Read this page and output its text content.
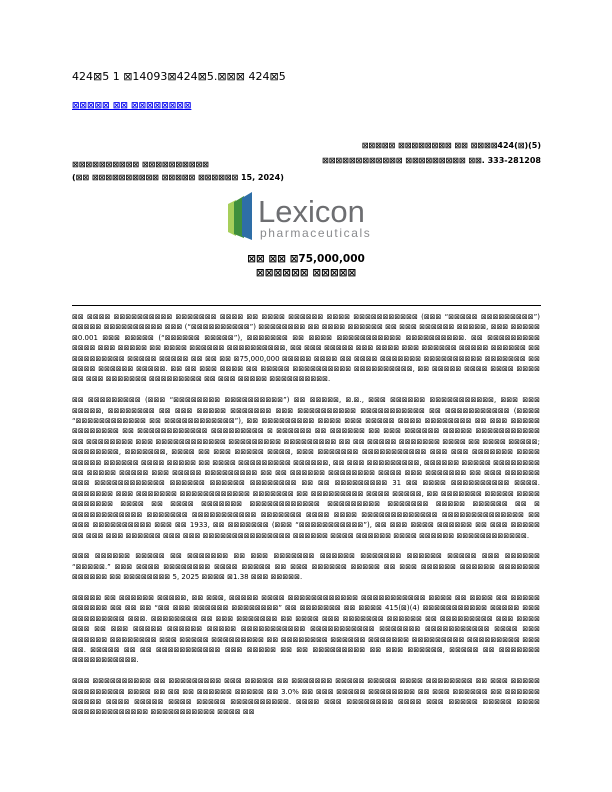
424⊠5 1 ⊠14093⊠424⊠5.⊠⊠⊠ 424⊠5
⊠⊠⊠⊠⊠ ⊠⊠ ⊠⊠⊠⊠⊠⊠⊠⊠
⊠⊠⊠⊠⊠ ⊠⊠⊠⊠⊠⊠⊠⊠ ⊠⊠ ⊠⊠⊠⊠424(⊠)(5)
⊠⊠⊠⊠⊠⊠⊠⊠⊠⊠⊠⊠ ⊠⊠⊠⊠⊠⊠⊠⊠⊠ ⊠⊠. 333-281208
⊠⊠⊠⊠⊠⊠⊠⊠⊠⊠ ⊠⊠⊠⊠⊠⊠⊠⊠⊠⊠
(⊠⊠ ⊠⊠⊠⊠⊠⊠⊠⊠⊠⊠ ⊠⊠⊠⊠⊠ ⊠⊠⊠⊠⊠⊠ 15, 2024)
Lexicon
pharmaceuticals
⊠⊠ ⊠⊠ ⊠75,000,000
⊠⊠⊠⊠⊠⊠ ⊠⊠⊠⊠⊠

⊠⊠ ⊠⊠⊠⊠ ⊠⊠⊠⊠⊠⊠⊠⊠⊠⊠ ⊠⊠⊠⊠⊠⊠⊠ ⊠⊠⊠⊠ ⊠⊠ ⊠⊠⊠⊠ ⊠⊠⊠⊠⊠⊠ ⊠⊠⊠⊠ ⊠⊠⊠⊠⊠⊠⊠⊠⊠⊠⊠ (⊠⊠⊠ “⊠⊠⊠⊠⊠ ⊠⊠⊠⊠⊠⊠⊠⊠⊠”) ⊠⊠⊠⊠⊠ ⊠⊠⊠⊠⊠⊠⊠⊠⊠⊠ ⊠⊠⊠ (“⊠⊠⊠⊠⊠⊠⊠⊠⊠⊠”) ⊠⊠⊠⊠⊠⊠⊠⊠ ⊠⊠ ⊠⊠⊠⊠ ⊠⊠⊠⊠⊠⊠ ⊠⊠ ⊠⊠⊠ ⊠⊠⊠⊠⊠⊠ ⊠⊠⊠⊠⊠, ⊠⊠⊠ ⊠⊠⊠⊠⊠ ⊠0.001 ⊠⊠⊠ ⊠⊠⊠⊠⊠ (“⊠⊠⊠⊠⊠⊠ ⊠⊠⊠⊠⊠”), ⊠⊠⊠⊠⊠⊠⊠ ⊠⊠ ⊠⊠⊠⊠ ⊠⊠⊠⊠⊠⊠⊠⊠⊠⊠⊠ ⊠⊠⊠⊠⊠⊠⊠⊠⊠⊠. ⊠⊠ ⊠⊠⊠⊠⊠⊠⊠⊠⊠ ⊠⊠⊠⊠ ⊠⊠⊠ ⊠⊠⊠⊠⊠ ⊠⊠ ⊠⊠⊠⊠ ⊠⊠⊠⊠⊠⊠ ⊠⊠⊠⊠⊠⊠⊠⊠⊠⊠, ⊠⊠ ⊠⊠⊠ ⊠⊠⊠⊠⊠ ⊠⊠⊠ ⊠⊠⊠⊠ ⊠⊠⊠ ⊠⊠⊠⊠⊠⊠ ⊠⊠⊠⊠⊠ ⊠⊠⊠⊠⊠⊠ ⊠⊠ ⊠⊠⊠⊠⊠⊠⊠⊠⊠ ⊠⊠⊠⊠⊠ ⊠⊠⊠⊠⊠ ⊠⊠ ⊠⊠ ⊠⊠ ⊠75,000,000 ⊠⊠⊠⊠⊠ ⊠⊠⊠⊠ ⊠⊠ ⊠⊠⊠⊠ ⊠⊠⊠⊠⊠⊠⊠ ⊠⊠⊠⊠⊠⊠⊠⊠⊠⊠ ⊠⊠⊠⊠⊠⊠⊠ ⊠⊠ ⊠⊠⊠⊠ ⊠⊠⊠⊠⊠⊠ ⊠⊠⊠⊠⊠. ⊠⊠ ⊠⊠ ⊠⊠⊠ ⊠⊠⊠⊠ ⊠⊠ ⊠⊠⊠⊠⊠ ⊠⊠⊠⊠⊠⊠⊠⊠⊠⊠ ⊠⊠⊠⊠⊠⊠⊠⊠⊠⊠, ⊠⊠ ⊠⊠⊠⊠⊠ ⊠⊠⊠⊠ ⊠⊠⊠⊠ ⊠⊠⊠⊠ ⊠⊠ ⊠⊠⊠ ⊠⊠⊠⊠⊠⊠⊠ ⊠⊠⊠⊠⊠⊠⊠⊠⊠ ⊠⊠ ⊠⊠⊠ ⊠⊠⊠⊠⊠ ⊠⊠⊠⊠⊠⊠⊠⊠⊠⊠.

⊠⊠ ⊠⊠⊠⊠⊠⊠⊠⊠⊠ (⊠⊠⊠ “⊠⊠⊠⊠⊠⊠⊠⊠ ⊠⊠⊠⊠⊠⊠⊠⊠⊠⊠”) ⊠⊠ ⊠⊠⊠⊠⊠, ⊠.⊠., ⊠⊠⊠ ⊠⊠⊠⊠⊠⊠ ⊠⊠⊠⊠⊠⊠⊠⊠⊠⊠⊠, ⊠⊠⊠ ⊠⊠⊠ ⊠⊠⊠⊠⊠, ⊠⊠⊠⊠⊠⊠⊠⊠ ⊠⊠ ⊠⊠⊠ ⊠⊠⊠⊠⊠ ⊠⊠⊠⊠⊠⊠⊠ ⊠⊠⊠ ⊠⊠⊠⊠⊠⊠⊠⊠⊠⊠ ⊠⊠⊠⊠⊠⊠⊠⊠⊠⊠⊠ ⊠⊠ ⊠⊠⊠⊠⊠⊠⊠⊠⊠⊠⊠ (⊠⊠⊠⊠ “⊠⊠⊠⊠⊠⊠⊠⊠⊠⊠⊠⊠ ⊠⊠ ⊠⊠⊠⊠⊠⊠⊠⊠⊠⊠⊠⊠”), ⊠⊠ ⊠⊠⊠⊠⊠⊠⊠⊠⊠ ⊠⊠⊠⊠ ⊠⊠⊠ ⊠⊠⊠⊠⊠ ⊠⊠⊠⊠ ⊠⊠⊠⊠⊠⊠⊠⊠ ⊠⊠ ⊠⊠⊠ ⊠⊠⊠⊠⊠ ⊠⊠⊠⊠⊠⊠⊠⊠ ⊠⊠ ⊠⊠⊠⊠⊠⊠⊠⊠⊠⊠⊠⊠ ⊠⊠⊠⊠⊠⊠⊠⊠⊠ ⊠ ⊠⊠⊠⊠⊠⊠ ⊠⊠ ⊠⊠⊠⊠⊠⊠ ⊠⊠ ⊠⊠⊠ ⊠⊠⊠⊠⊠⊠ ⊠⊠⊠⊠⊠ ⊠⊠⊠⊠⊠⊠⊠⊠⊠⊠⊠ ⊠⊠ ⊠⊠⊠⊠⊠⊠⊠⊠ ⊠⊠⊠ ⊠⊠⊠⊠⊠⊠⊠⊠⊠⊠⊠⊠ ⊠⊠⊠⊠⊠⊠⊠⊠⊠ ⊠⊠⊠⊠⊠⊠⊠⊠⊠ ⊠⊠ ⊠⊠ ⊠⊠⊠⊠⊠ ⊠⊠⊠⊠⊠⊠⊠ ⊠⊠⊠⊠ ⊠⊠ ⊠⊠⊠⊠ ⊠⊠⊠⊠⊠; ⊠⊠⊠⊠⊠⊠⊠⊠, ⊠⊠⊠⊠⊠⊠⊠, ⊠⊠⊠⊠ ⊠⊠ ⊠⊠⊠ ⊠⊠⊠⊠⊠ ⊠⊠⊠⊠, ⊠⊠⊠ ⊠⊠⊠⊠⊠⊠⊠ ⊠⊠⊠⊠⊠⊠⊠⊠⊠⊠⊠ ⊠⊠⊠ ⊠⊠⊠ ⊠⊠⊠⊠⊠⊠⊠ ⊠⊠⊠⊠ ⊠⊠⊠⊠⊠ ⊠⊠⊠⊠⊠⊠ ⊠⊠⊠⊠ ⊠⊠⊠⊠⊠ ⊠⊠ ⊠⊠⊠⊠ ⊠⊠⊠⊠⊠⊠⊠⊠⊠ ⊠⊠⊠⊠⊠⊠, ⊠⊠ ⊠⊠⊠ ⊠⊠⊠⊠⊠⊠⊠⊠⊠, ⊠⊠⊠⊠⊠⊠ ⊠⊠⊠⊠⊠ ⊠⊠⊠⊠⊠⊠⊠⊠ ⊠⊠ ⊠⊠⊠⊠⊠ ⊠⊠⊠⊠⊠ ⊠⊠⊠ ⊠⊠⊠⊠⊠ ⊠⊠⊠⊠⊠⊠⊠⊠⊠ ⊠⊠ ⊠⊠ ⊠⊠⊠⊠⊠⊠ ⊠⊠⊠⊠⊠⊠⊠⊠ ⊠⊠⊠⊠ ⊠⊠⊠ ⊠⊠⊠⊠⊠⊠⊠ ⊠⊠ ⊠⊠⊠ ⊠⊠⊠⊠⊠⊠ ⊠⊠⊠ ⊠⊠⊠⊠⊠⊠⊠⊠⊠⊠⊠⊠ ⊠⊠⊠⊠⊠⊠ ⊠⊠⊠⊠⊠⊠ ⊠⊠⊠⊠⊠⊠⊠⊠ ⊠⊠ ⊠⊠ ⊠⊠⊠⊠⊠⊠⊠⊠⊠ 31 ⊠⊠ ⊠⊠⊠⊠ ⊠⊠⊠⊠⊠⊠⊠⊠⊠⊠ ⊠⊠⊠⊠. ⊠⊠⊠⊠⊠⊠⊠ ⊠⊠⊠ ⊠⊠⊠⊠⊠⊠⊠ ⊠⊠⊠⊠⊠⊠⊠⊠⊠⊠⊠⊠ ⊠⊠⊠⊠⊠⊠⊠ ⊠⊠ ⊠⊠⊠⊠⊠⊠⊠⊠⊠ ⊠⊠⊠⊠ ⊠⊠⊠⊠⊠, ⊠⊠ ⊠⊠⊠⊠⊠⊠⊠ ⊠⊠⊠⊠⊠ ⊠⊠⊠⊠ ⊠⊠⊠⊠⊠⊠⊠ ⊠⊠⊠⊠ ⊠⊠ ⊠⊠⊠⊠ ⊠⊠⊠⊠⊠⊠⊠ ⊠⊠⊠⊠⊠⊠⊠⊠⊠⊠⊠⊠ ⊠⊠⊠⊠⊠⊠⊠⊠⊠ ⊠⊠⊠⊠⊠⊠⊠ ⊠⊠⊠⊠⊠ ⊠⊠⊠⊠⊠⊠ ⊠⊠ ⊠ ⊠⊠⊠⊠⊠⊠⊠⊠⊠⊠⊠⊠ ⊠⊠⊠⊠⊠⊠⊠ ⊠⊠⊠⊠⊠⊠⊠⊠⊠⊠⊠ ⊠⊠⊠⊠⊠⊠⊠ ⊠⊠⊠⊠ ⊠⊠⊠⊠ ⊠⊠⊠⊠⊠⊠⊠⊠⊠⊠⊠⊠⊠ ⊠⊠⊠⊠⊠⊠⊠⊠⊠⊠⊠⊠⊠⊠ ⊠⊠ ⊠⊠⊠ ⊠⊠⊠⊠⊠⊠⊠⊠⊠⊠ ⊠⊠⊠ ⊠⊠ 1933, ⊠⊠ ⊠⊠⊠⊠⊠⊠⊠ (⊠⊠⊠ “⊠⊠⊠⊠⊠⊠⊠⊠⊠⊠⊠”), ⊠⊠ ⊠⊠⊠ ⊠⊠⊠⊠ ⊠⊠⊠⊠⊠⊠ ⊠⊠ ⊠⊠⊠ ⊠⊠⊠⊠⊠ ⊠⊠ ⊠⊠⊠ ⊠⊠⊠ ⊠⊠⊠⊠⊠⊠ ⊠⊠⊠ ⊠⊠⊠ ⊠⊠⊠⊠⊠⊠⊠⊠⊠⊠⊠⊠⊠⊠⊠ ⊠⊠⊠⊠⊠⊠ ⊠⊠⊠⊠ ⊠⊠⊠⊠⊠⊠ ⊠⊠⊠⊠ ⊠⊠⊠⊠⊠⊠ ⊠⊠⊠⊠⊠⊠⊠⊠⊠⊠⊠⊠.

⊠⊠⊠ ⊠⊠⊠⊠⊠⊠ ⊠⊠⊠⊠⊠ ⊠⊠ ⊠⊠⊠⊠⊠⊠⊠ ⊠⊠ ⊠⊠⊠ ⊠⊠⊠⊠⊠⊠⊠ ⊠⊠⊠⊠⊠⊠ ⊠⊠⊠⊠⊠⊠⊠ ⊠⊠⊠⊠⊠⊠ ⊠⊠⊠⊠⊠ ⊠⊠⊠ ⊠⊠⊠⊠⊠⊠ “⊠⊠⊠⊠⊠.” ⊠⊠⊠ ⊠⊠⊠⊠ ⊠⊠⊠⊠⊠⊠⊠⊠ ⊠⊠⊠⊠ ⊠⊠⊠⊠⊠ ⊠⊠ ⊠⊠⊠ ⊠⊠⊠⊠⊠⊠ ⊠⊠⊠⊠⊠ ⊠⊠ ⊠⊠⊠ ⊠⊠⊠⊠⊠⊠ ⊠⊠⊠⊠⊠⊠ ⊠⊠⊠⊠⊠⊠⊠ ⊠⊠⊠⊠⊠⊠ ⊠⊠ ⊠⊠⊠⊠⊠⊠⊠⊠ 5, 2025 ⊠⊠⊠⊠ ⊠1.38 ⊠⊠⊠ ⊠⊠⊠⊠⊠.

⊠⊠⊠⊠⊠ ⊠⊠ ⊠⊠⊠⊠⊠⊠ ⊠⊠⊠⊠⊠, ⊠⊠ ⊠⊠⊠, ⊠⊠⊠⊠⊠ ⊠⊠⊠⊠ ⊠⊠⊠⊠⊠⊠⊠⊠⊠⊠⊠⊠ ⊠⊠⊠⊠⊠⊠⊠⊠⊠⊠⊠ ⊠⊠⊠⊠ ⊠⊠ ⊠⊠⊠⊠ ⊠⊠ ⊠⊠⊠⊠⊠ ⊠⊠⊠⊠⊠⊠ ⊠⊠ ⊠⊠ ⊠⊠ “⊠⊠ ⊠⊠⊠ ⊠⊠⊠⊠⊠⊠ ⊠⊠⊠⊠⊠⊠⊠⊠” ⊠⊠ ⊠⊠⊠⊠⊠⊠⊠ ⊠⊠ ⊠⊠⊠⊠ 415(⊠)(4) ⊠⊠⊠⊠⊠⊠⊠⊠⊠⊠⊠ ⊠⊠⊠⊠⊠ ⊠⊠⊠ ⊠⊠⊠⊠⊠⊠⊠⊠⊠ ⊠⊠⊠. ⊠⊠⊠⊠⊠⊠⊠⊠ ⊠⊠ ⊠⊠⊠ ⊠⊠⊠⊠⊠⊠⊠ ⊠⊠ ⊠⊠⊠⊠ ⊠⊠⊠ ⊠⊠⊠⊠⊠⊠⊠ ⊠⊠⊠⊠⊠⊠ ⊠⊠ ⊠⊠⊠⊠⊠⊠⊠⊠⊠ ⊠⊠⊠ ⊠⊠⊠⊠ ⊠⊠⊠ ⊠⊠ ⊠⊠⊠ ⊠⊠⊠⊠⊠ ⊠⊠⊠⊠⊠⊠ ⊠⊠⊠⊠⊠ ⊠⊠⊠⊠⊠⊠⊠⊠⊠⊠⊠ ⊠⊠⊠⊠⊠⊠⊠⊠⊠⊠⊠ ⊠⊠⊠⊠⊠⊠⊠ ⊠⊠⊠⊠⊠⊠⊠⊠⊠⊠⊠ ⊠⊠⊠⊠ ⊠⊠⊠ ⊠⊠⊠⊠⊠⊠ ⊠⊠⊠⊠⊠⊠⊠⊠ ⊠⊠⊠ ⊠⊠⊠⊠⊠ ⊠⊠⊠⊠⊠⊠⊠⊠⊠ ⊠⊠ ⊠⊠⊠⊠⊠⊠⊠⊠ ⊠⊠⊠⊠⊠⊠ ⊠⊠⊠⊠⊠⊠⊠ ⊠⊠⊠⊠⊠⊠⊠⊠⊠ ⊠⊠⊠⊠⊠⊠⊠⊠⊠ ⊠⊠⊠ ⊠⊠. ⊠⊠⊠⊠⊠ ⊠⊠ ⊠⊠ ⊠⊠⊠⊠⊠⊠⊠⊠⊠⊠⊠ ⊠⊠⊠ ⊠⊠⊠⊠⊠ ⊠⊠ ⊠⊠ ⊠⊠⊠⊠⊠⊠⊠⊠⊠ ⊠⊠ ⊠⊠⊠ ⊠⊠⊠⊠⊠⊠, ⊠⊠⊠⊠⊠ ⊠⊠ ⊠⊠⊠⊠⊠⊠⊠ ⊠⊠⊠⊠⊠⊠⊠⊠⊠⊠⊠.

⊠⊠⊠ ⊠⊠⊠⊠⊠⊠⊠⊠⊠⊠ ⊠⊠ ⊠⊠⊠⊠⊠⊠⊠⊠⊠ ⊠⊠⊠ ⊠⊠⊠⊠⊠ ⊠⊠ ⊠⊠⊠⊠⊠⊠⊠ ⊠⊠⊠⊠⊠ ⊠⊠⊠⊠⊠ ⊠⊠⊠⊠ ⊠⊠⊠⊠⊠⊠⊠⊠ ⊠⊠ ⊠⊠⊠ ⊠⊠⊠⊠⊠ ⊠⊠⊠⊠⊠⊠⊠⊠⊠ ⊠⊠⊠⊠ ⊠⊠ ⊠⊠ ⊠⊠ ⊠⊠⊠⊠⊠⊠ ⊠⊠⊠⊠⊠ ⊠⊠ 3.0% ⊠⊠ ⊠⊠⊠ ⊠⊠⊠⊠⊠ ⊠⊠⊠⊠⊠⊠⊠⊠ ⊠⊠ ⊠⊠⊠ ⊠⊠⊠⊠⊠⊠ ⊠⊠ ⊠⊠⊠⊠⊠⊠ ⊠⊠⊠⊠⊠ ⊠⊠⊠⊠ ⊠⊠⊠⊠⊠ ⊠⊠⊠⊠ ⊠⊠⊠⊠⊠ ⊠⊠⊠⊠⊠⊠⊠⊠⊠⊠. ⊠⊠⊠⊠ ⊠⊠⊠ ⊠⊠⊠⊠⊠⊠⊠⊠ ⊠⊠⊠⊠ ⊠⊠⊠ ⊠⊠⊠⊠⊠ ⊠⊠⊠⊠⊠ ⊠⊠⊠⊠ ⊠⊠⊠⊠⊠⊠⊠⊠⊠⊠⊠⊠⊠ ⊠⊠⊠⊠⊠⊠⊠⊠⊠⊠⊠ ⊠⊠⊠⊠ ⊠⊠
